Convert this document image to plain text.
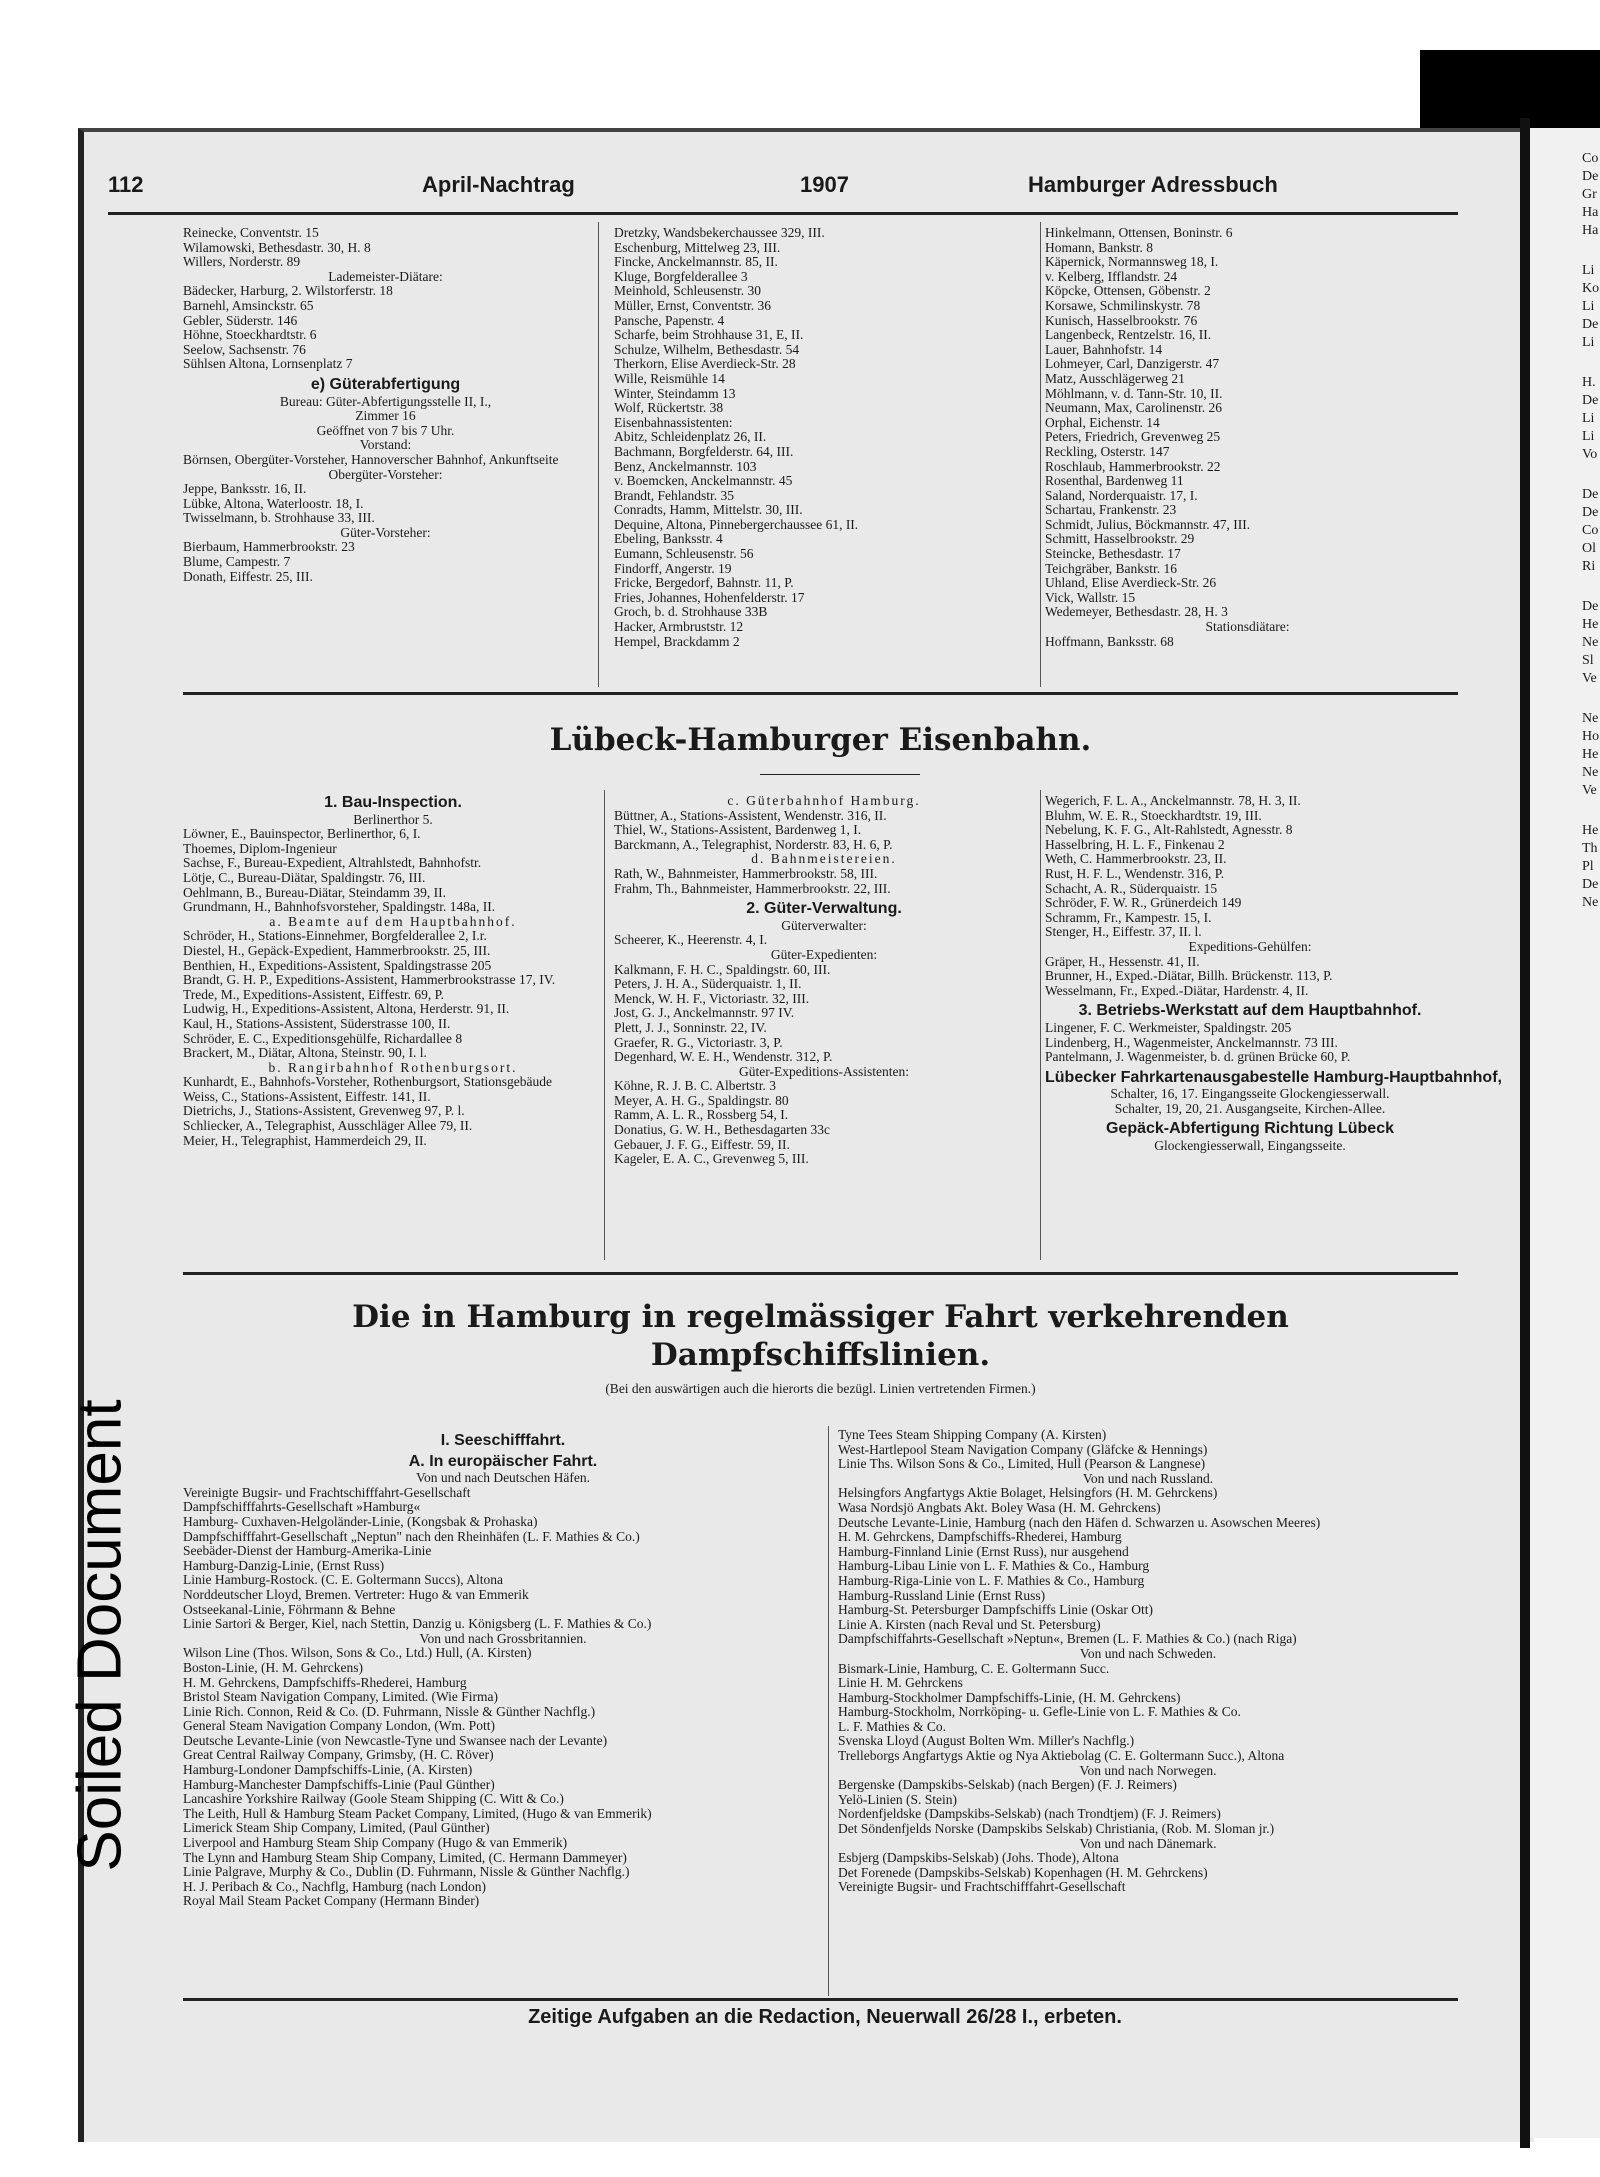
Co
De
Gr
Ha
Ha
Li
Ko
Li
De
Li
H.
De
Li
Li
Vo
De
De
Co
Ol
Ri
De
He
Ne
Sl
Ve
Ne
Ho
He
Ne
Ve
He
Th
Pl
De
Ne
Soiled Document
112	April-Nachtrag	1907	Hamburger Adressbuch
Reinecke, Conventstr. 15
Wilamowski, Bethesdastr. 30, H. 8
Willers, Norderstr. 89
Lademeister-Diätare:
Bädecker, Harburg, 2. Wilstorferstr. 18
Barnehl, Amsinckstr. 65
Gebler, Süderstr. 146
Höhne, Stoeckhardtstr. 6
Seelow, Sachsenstr. 76
Sühlsen Altona, Lornsenplatz 7
e) Güterabfertigung
Bureau: Güter-Abfertigungsstelle II, I.,
Zimmer 16
Geöffnet von 7 bis 7 Uhr.
Vorstand:
Börnsen, Obergüter-Vorsteher, Hannoverscher Bahnhof, Ankunftseite
Obergüter-Vorsteher:
Jeppe, Banksstr. 16, II.
Lübke, Altona, Waterloostr. 18, I.
Twisselmann, b. Strohhause 33, III.
Güter-Vorsteher:
Bierbaum, Hammerbrookstr. 23
Blume, Campestr. 7
Donath, Eiffestr. 25, III.
Dretzky, Wandsbekerchaussee 329, III.
Eschenburg, Mittelweg 23, III.
Fincke, Anckelmannstr. 85, II.
Kluge, Borgfelderallee 3
Meinhold, Schleusenstr. 30
Müller, Ernst, Conventstr. 36
Pansche, Papenstr. 4
Scharfe, beim Strohhause 31, E, II.
Schulze, Wilhelm, Bethesdastr. 54
Therkorn, Elise Averdieck-Str. 28
Wille, Reismühle 14
Winter, Steindamm 13
Wolf, Rückertstr. 38
Eisenbahnassistenten:
Abitz, Schleidenplatz 26, II.
Bachmann, Borgfelderstr. 64, III.
Benz, Anckelmannstr. 103
v. Boemcken, Anckelmannstr. 45
Brandt, Fehlandstr. 35
Conradts, Hamm, Mittelstr. 30, III.
Dequine, Altona, Pinnebergerchaussee 61, II.
Ebeling, Banksstr. 4
Eumann, Schleusenstr. 56
Findorff, Angerstr. 19
Fricke, Bergedorf, Bahnstr. 11, P.
Fries, Johannes, Hohenfelderstr. 17
Groch, b. d. Strohhause 33B
Hacker, Armbruststr. 12
Hempel, Brackdamm 2
Hinkelmann, Ottensen, Boninstr. 6
Homann, Bankstr. 8
Käpernick, Normannsweg 18, I.
v. Kelberg, Ifflandstr. 24
Köpcke, Ottensen, Göbenstr. 2
Korsawe, Schmilinskystr. 78
Kunisch, Hasselbrookstr. 76
Langenbeck, Rentzelstr. 16, II.
Lauer, Bahnhofstr. 14
Lohmeyer, Carl, Danzigerstr. 47
Matz, Ausschlägerweg 21
Möhlmann, v. d. Tann-Str. 10, II.
Neumann, Max, Carolinenstr. 26
Orphal, Eichenstr. 14
Peters, Friedrich, Grevenweg 25
Reckling, Osterstr. 147
Roschlaub, Hammerbrookstr. 22
Rosenthal, Bardenweg 11
Saland, Norderquaistr. 17, I.
Schartau, Frankenstr. 23
Schmidt, Julius, Böckmannstr. 47, III.
Schmitt, Hasselbrookstr. 29
Steincke, Bethesdastr. 17
Teichgräber, Bankstr. 16
Uhland, Elise Averdieck-Str. 26
Vick, Wallstr. 15
Wedemeyer, Bethesdastr. 28, H. 3
Stationsdiätare:
Hoffmann, Banksstr. 68
Lübeck-Hamburger Eisenbahn.
1. Bau-Inspection.
Berlinerthor 5.
Löwner, E., Bauinspector, Berlinerthor, 6, I.
Thoemes, Diplom-Ingenieur
Sachse, F., Bureau-Expedient, Altrahlstedt, Bahnhofstr.
Lötje, C., Bureau-Diätar, Spaldingstr. 76, III.
Oehlmann, B., Bureau-Diätar, Steindamm 39, II.
Grundmann, H., Bahnhofsvorsteher, Spaldingstr. 148a, II.
a. Beamte auf dem Hauptbahnhof.
Schröder, H., Stations-Einnehmer, Borgfelderallee 2, I.r.
Diestel, H., Gepäck-Expedient, Hammerbrookstr. 25, III.
Benthien, H., Expeditions-Assistent, Spaldingstrasse 205
Brandt, G. H. P., Expeditions-Assistent, Hammerbrookstrasse 17, IV.
Trede, M., Expeditions-Assistent, Eiffestr. 69, P.
Ludwig, H., Expeditions-Assistent, Altona, Herderstr. 91, II.
Kaul, H., Stations-Assistent, Süderstrasse 100, II.
Schröder, E. C., Expeditionsgehülfe, Richardallee 8
Brackert, M., Diätar, Altona, Steinstr. 90, I. l.
b. Rangirbahnhof Rothenburgsort.
Kunhardt, E., Bahnhofs-Vorsteher, Rothenburgsort, Stationsgebäude
Weiss, C., Stations-Assistent, Eiffestr. 141, II.
Dietrichs, J., Stations-Assistent, Grevenweg 97, P. l.
Schliecker, A., Telegraphist, Ausschläger Allee 79, II.
Meier, H., Telegraphist, Hammerdeich 29, II.
c. Güterbahnhof Hamburg.
Büttner, A., Stations-Assistent, Wendenstr. 316, II.
Thiel, W., Stations-Assistent, Bardenweg 1, I.
Barckmann, A., Telegraphist, Norderstr. 83, H. 6, P.
d. Bahnmeistereien.
Rath, W., Bahnmeister, Hammerbrookstr. 58, III.
Frahm, Th., Bahnmeister, Hammerbrookstr. 22, III.
2. Güter-Verwaltung.
Güterverwalter:
Scheerer, K., Heerenstr. 4, I.
Güter-Expedienten:
Kalkmann, F. H. C., Spaldingstr. 60, III.
Peters, J. H. A., Süderquaistr. 1, II.
Menck, W. H. F., Victoriastr. 32, III.
Jost, G. J., Anckelmannstr. 97 IV.
Plett, J. J., Sonninstr. 22, IV.
Graefer, R. G., Victoriastr. 3, P.
Degenhard, W. E. H., Wendenstr. 312, P.
Güter-Expeditions-Assistenten:
Köhne, R. J. B. C. Albertstr. 3
Meyer, A. H. G., Spaldingstr. 80
Ramm, A. L. R., Rossberg 54, I.
Donatius, G. W. H., Bethesdagarten 33c
Gebauer, J. F. G., Eiffestr. 59, II.
Kageler, E. A. C., Grevenweg 5, III.
Wegerich, F. L. A., Anckelmannstr. 78, H. 3, II.
Bluhm, W. E. R., Stoeckhardtstr. 19, III.
Nebelung, K. F. G., Alt-Rahlstedt, Agnesstr. 8
Hasselbring, H. L. F., Finkenau 2
Weth, C. Hammerbrookstr. 23, II.
Rust, H. F. L., Wendenstr. 316, P.
Schacht, A. R., Süderquaistr. 15
Schröder, F. W. R., Grünerdeich 149
Schramm, Fr., Kampestr. 15, I.
Stenger, H., Eiffestr. 37, II. l.
Expeditions-Gehülfen:
Gräper, H., Hessenstr. 41, II.
Brunner, H., Exped.-Diätar, Billh. Brückenstr. 113, P.
Wesselmann, Fr., Exped.-Diätar, Hardenstr. 4, II.
3. Betriebs-Werkstatt auf dem Hauptbahnhof.
Lingener, F. C. Werkmeister, Spaldingstr. 205
Lindenberg, H., Wagenmeister, Anckelmannstr. 73 III.
Pantelmann, J. Wagenmeister, b. d. grünen Brücke 60, P.
Lübecker Fahrkartenausgabestelle Hamburg-Hauptbahnhof,
Schalter, 16, 17. Eingangsseite Glockengiesserwall.
Schalter, 19, 20, 21. Ausgangseite, Kirchen-Allee.
Gepäck-Abfertigung Richtung Lübeck
Glockengiesserwall, Eingangsseite.
Die in Hamburg in regelmässiger Fahrt verkehrenden
Dampfschiffslinien.
(Bei den auswärtigen auch die hierorts die bezügl. Linien vertretenden Firmen.)
I. Seeschifffahrt.
A. In europäischer Fahrt.
Von und nach Deutschen Häfen.
Vereinigte Bugsir- und Frachtschifffahrt-Gesellschaft
Dampfschifffahrts-Gesellschaft »Hamburg«
Hamburg- Cuxhaven-Helgoländer-Linie, (Kongsbak & Prohaska)
Dampfschifffahrt-Gesellschaft „Neptun" nach den Rheinhäfen (L. F. Mathies & Co.)
Seebäder-Dienst der Hamburg-Amerika-Linie
Hamburg-Danzig-Linie, (Ernst Russ)
Linie Hamburg-Rostock. (C. E. Goltermann Succs), Altona
Norddeutscher Lloyd, Bremen. Vertreter: Hugo & van Emmerik
Ostseekanal-Linie, Föhrmann & Behne
Linie Sartori & Berger, Kiel, nach Stettin, Danzig u. Königsberg (L. F. Mathies & Co.)
Von und nach Grossbritannien.
Wilson Line (Thos. Wilson, Sons & Co., Ltd.) Hull, (A. Kirsten)
Boston-Linie, (H. M. Gehrckens)
H. M. Gehrckens, Dampfschiffs-Rhederei, Hamburg
Bristol Steam Navigation Company, Limited. (Wie Firma)
Linie Rich. Connon, Reid & Co. (D. Fuhrmann, Nissle & Günther Nachflg.)
General Steam Navigation Company London, (Wm. Pott)
Deutsche Levante-Linie (von Newcastle-Tyne und Swansee nach der Levante)
Great Central Railway Company, Grimsby, (H. C. Röver)
Hamburg-Londoner Dampfschiffs-Linie, (A. Kirsten)
Hamburg-Manchester Dampfschiffs-Linie (Paul Günther)
Lancashire Yorkshire Railway (Goole Steam Shipping (C. Witt & Co.)
The Leith, Hull & Hamburg Steam Packet Company, Limited, (Hugo & van Emmerik)
Limerick Steam Ship Company, Limited, (Paul Günther)
Liverpool and Hamburg Steam Ship Company (Hugo & van Emmerik)
The Lynn and Hamburg Steam Ship Company, Limited, (C. Hermann Dammeyer)
Linie Palgrave, Murphy & Co., Dublin (D. Fuhrmann, Nissle & Günther Nachflg.)
H. J. Peribach & Co., Nachflg, Hamburg (nach London)
Royal Mail Steam Packet Company (Hermann Binder)
Tyne Tees Steam Shipping Company (A. Kirsten)
West-Hartlepool Steam Navigation Company (Gläfcke & Hennings)
Linie Ths. Wilson Sons & Co., Limited, Hull (Pearson & Langnese)
Von und nach Russland.
Helsingfors Angfartygs Aktie Bolaget, Helsingfors (H. M. Gehrckens)
Wasa Nordsjö Angbats Akt. Boley Wasa (H. M. Gehrckens)
Deutsche Levante-Linie, Hamburg (nach den Häfen d. Schwarzen u. Asowschen Meeres)
H. M. Gehrckens, Dampfschiffs-Rhederei, Hamburg
Hamburg-Finnland Linie (Ernst Russ), nur ausgehend
Hamburg-Libau Linie von L. F. Mathies & Co., Hamburg
Hamburg-Riga-Linie von L. F. Mathies & Co., Hamburg
Hamburg-Russland Linie (Ernst Russ)
Hamburg-St. Petersburger Dampfschiffs Linie (Oskar Ott)
Linie A. Kirsten (nach Reval und St. Petersburg)
Dampfschiffahrts-Gesellschaft »Neptun«, Bremen (L. F. Mathies & Co.) (nach Riga)
Von und nach Schweden.
Bismark-Linie, Hamburg, C. E. Goltermann Succ.
Linie H. M. Gehrckens
Hamburg-Stockholmer Dampfschiffs-Linie, (H. M. Gehrckens)
Hamburg-Stockholm, Norrköping- u. Gefle-Linie von L. F. Mathies & Co.
L. F. Mathies & Co.
Svenska Lloyd (August Bolten Wm. Miller's Nachflg.)
Trelleborgs Angfartygs Aktie og Nya Aktiebolag (C. E. Goltermann Succ.), Altona
Von und nach Norwegen.
Bergenske (Dampskibs-Selskab) (nach Bergen) (F. J. Reimers)
Yelö-Linien (S. Stein)
Nordenfjeldske (Dampskibs-Selskab) (nach Trondtjem) (F. J. Reimers)
Det Söndenfjelds Norske (Dampskibs Selskab) Christiania, (Rob. M. Sloman jr.)
Von und nach Dänemark.
Esbjerg (Dampskibs-Selskab) (Johs. Thode), Altona
Det Forenede (Dampskibs-Selskab) Kopenhagen (H. M. Gehrckens)
Vereinigte Bugsir- und Frachtschifffahrt-Gesellschaft
Zeitige Aufgaben an die Redaction, Neuerwall 26/28 I., erbeten.
